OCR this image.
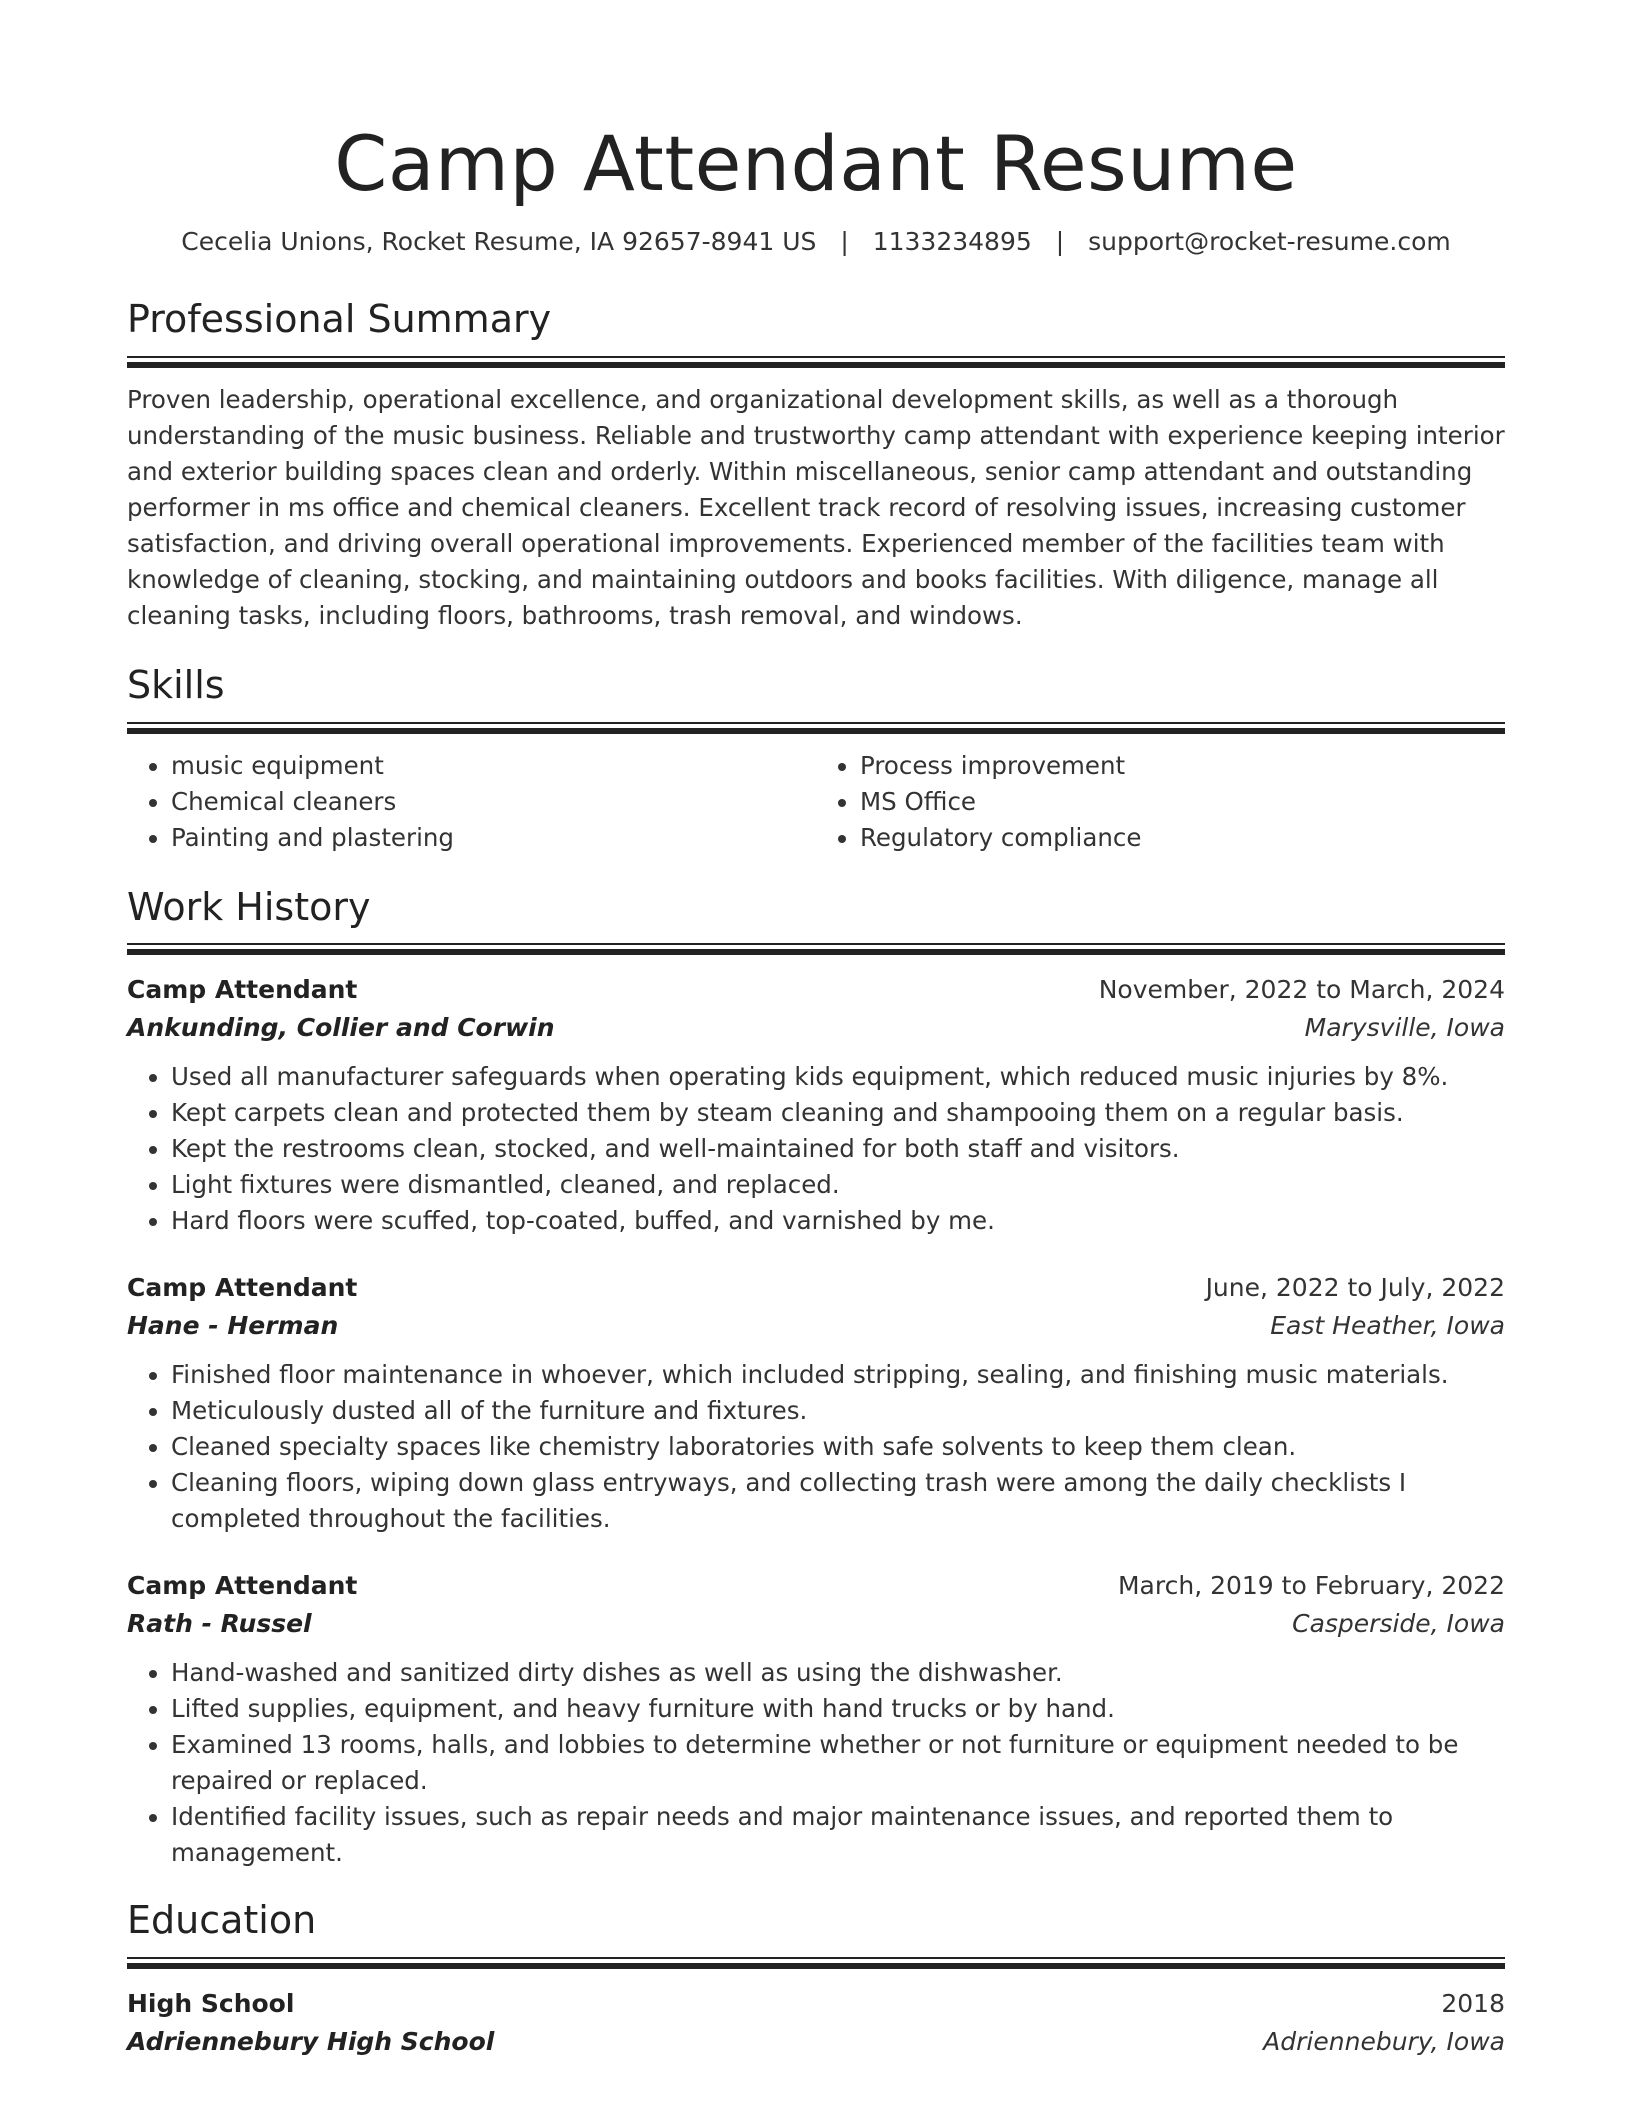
Camp Attendant Resume
Cecelia Unions, Rocket Resume, IA 92657-8941 US | 1133234895 | support@rocket-resume.com
Professional Summary
Proven leadership, operational excellence, and organizational development skills, as well as a thorough understanding of the music business. Reliable and trustworthy camp attendant with experience keeping interior and exterior building spaces clean and orderly. Within miscellaneous, senior camp attendant and outstanding performer in ms office and chemical cleaners. Excellent track record of resolving issues, increasing customer satisfaction, and driving overall operational improvements. Experienced member of the facilities team with knowledge of cleaning, stocking, and maintaining outdoors and books facilities. With diligence, manage all cleaning tasks, including floors, bathrooms, trash removal, and windows.
Skills
• music equipment
• Chemical cleaners
• Painting and plastering
• Process improvement
• MS Office
• Regulatory compliance
Work History
Camp Attendant	November, 2022 to March, 2024
Ankunding, Collier and Corwin	Marysville, Iowa
• Used all manufacturer safeguards when operating kids equipment, which reduced music injuries by 8%.
• Kept carpets clean and protected them by steam cleaning and shampooing them on a regular basis.
• Kept the restrooms clean, stocked, and well-maintained for both staff and visitors.
• Light fixtures were dismantled, cleaned, and replaced.
• Hard floors were scuffed, top-coated, buffed, and varnished by me.
Camp Attendant	June, 2022 to July, 2022
Hane - Herman	East Heather, Iowa
• Finished floor maintenance in whoever, which included stripping, sealing, and finishing music materials.
• Meticulously dusted all of the furniture and fixtures.
• Cleaned specialty spaces like chemistry laboratories with safe solvents to keep them clean.
• Cleaning floors, wiping down glass entryways, and collecting trash were among the daily checklists I completed throughout the facilities.
Camp Attendant	March, 2019 to February, 2022
Rath - Russel	Casperside, Iowa
• Hand-washed and sanitized dirty dishes as well as using the dishwasher.
• Lifted supplies, equipment, and heavy furniture with hand trucks or by hand.
• Examined 13 rooms, halls, and lobbies to determine whether or not furniture or equipment needed to be repaired or replaced.
• Identified facility issues, such as repair needs and major maintenance issues, and reported them to management.
Education
High School	2018
Adriennebury High School	Adriennebury, Iowa
